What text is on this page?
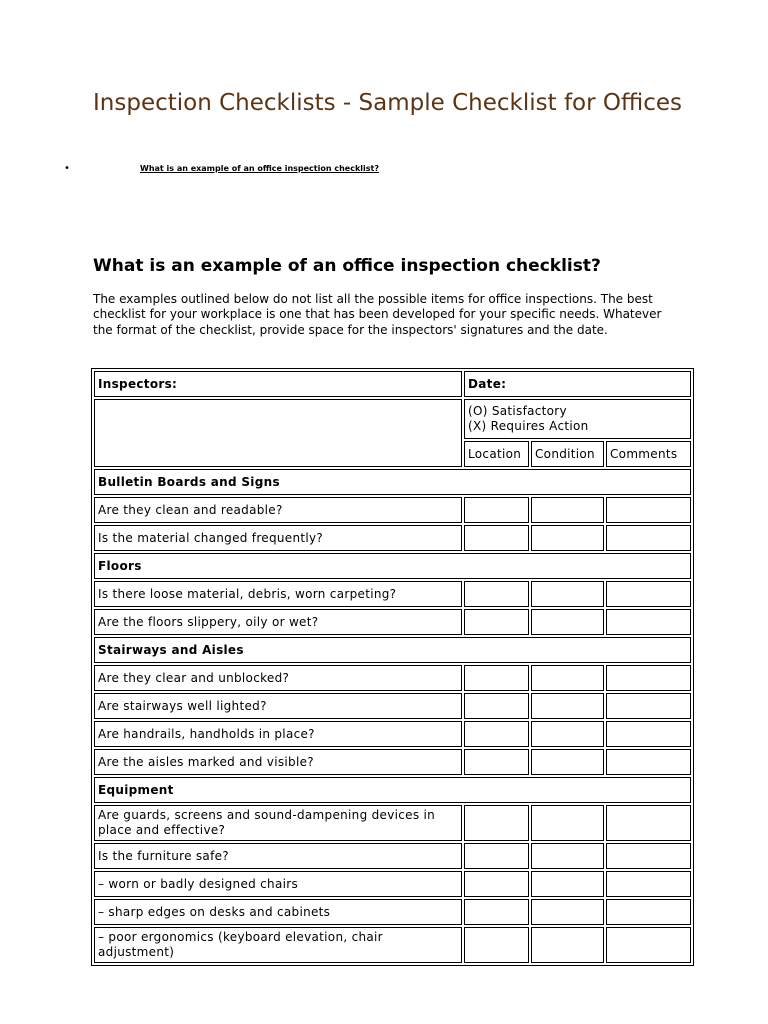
Inspection Checklists - Sample Checklist for Offices
•	What is an example of an office inspection checklist?
What is an example of an office inspection checklist?

The examples outlined below do not list all the possible items for office inspections. The best checklist for your workplace is one that has been developed for your specific needs. Whatever the format of the checklist, provide space for the inspectors' signatures and the date.

Inspectors:	Date:		

	(O) Satisfactory
(X) Requires Action		

	Location	Condition	Comments
Bulletin Boards and Signs			
Are they clean and readable?			
Is the material changed frequently?			
Floors			
Is there loose material, debris, worn carpeting?			
Are the floors slippery, oily or wet?			
Stairways and Aisles			
Are they clear and unblocked?			
Are stairways well lighted?			
Are handrails, handholds in place?			
Are the aisles marked and visible?			
Equipment			
Are guards, screens and sound-dampening devices in place and effective?			
Is the furniture safe?			
– worn or badly designed chairs			
– sharp edges on desks and cabinets			
– poor ergonomics (keyboard elevation, chair adjustment)			
